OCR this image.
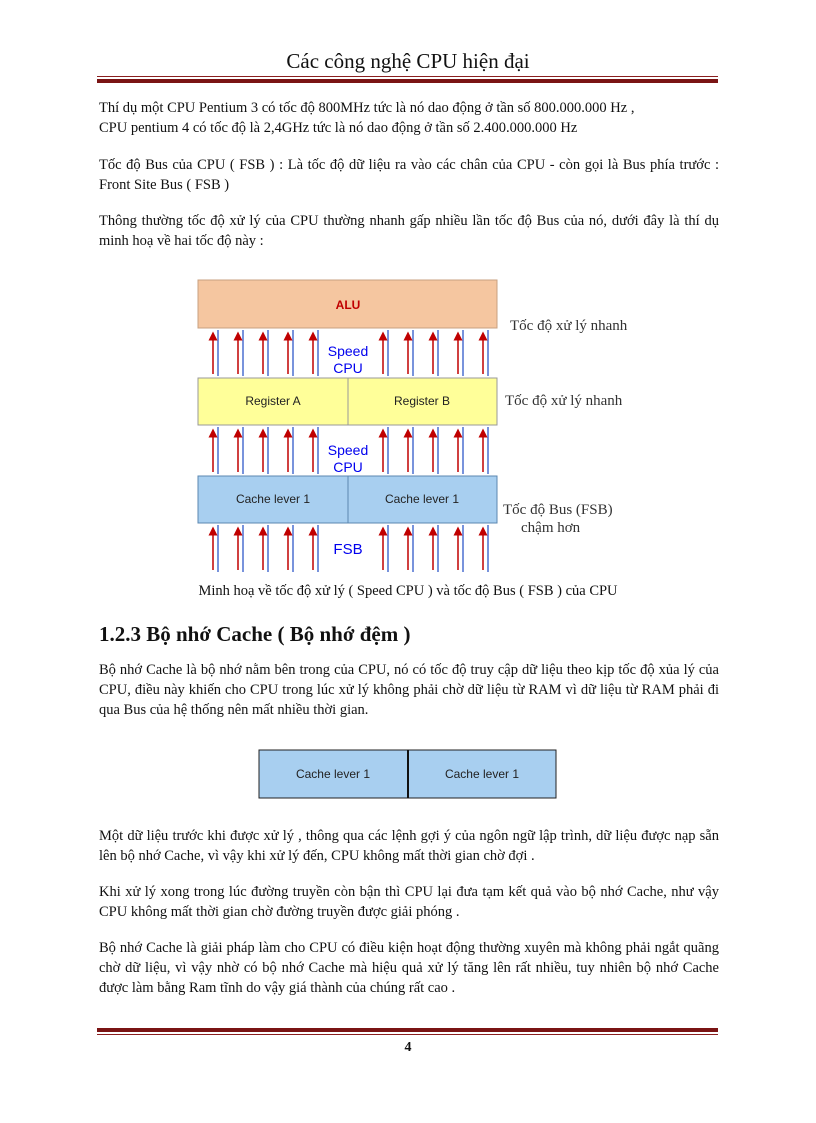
Các công nghệ CPU hiện đại

Thí dụ một CPU Pentium 3 có tốc độ 800MHz tức là nó dao động ở tần số 800.000.000 Hz ,
CPU pentium 4 có tốc độ là 2,4GHz tức là nó dao động ở tần số 2.400.000.000 Hz

Tốc độ Bus của CPU ( FSB ) : Là tốc độ dữ liệu ra vào các chân của CPU - còn gọi là Bus phía trước : Front Site Bus ( FSB )

Thông thường tốc độ xử lý của CPU thường nhanh gấp nhiều lần tốc độ Bus của nó, dưới đây là thí dụ minh hoạ về hai tốc độ này :

ALU
Speed
CPU
Register A	Register B
Speed
CPU
Cache lever 1	Cache lever 1
FSB
Tốc độ xử lý nhanh
Tốc độ xử lý nhanh
Tốc độ Bus (FSB)
chậm hơn
Minh hoạ về tốc độ xử lý ( Speed CPU ) và tốc độ Bus ( FSB ) của CPU
1.2.3 Bộ nhớ Cache ( Bộ nhớ đệm )

Bộ nhớ Cache là bộ nhớ nằm bên trong của CPU, nó có tốc độ truy cập dữ liệu theo kịp tốc độ xủa lý của CPU, điều này khiến cho CPU trong lúc xử lý không phải chờ dữ liệu từ RAM vì dữ liệu từ RAM phải đi qua Bus của hệ thống nên mất nhiều thời gian.

Cache lever 1	Cache lever 1

Một dữ liệu trước khi được xử lý , thông qua các lệnh gợi ý của ngôn ngữ lập trình, dữ liệu được nạp sẵn lên bộ nhớ Cache, vì vậy khi xử lý đến, CPU không mất thời gian chờ đợi .

Khi xử lý xong trong lúc đường truyền còn bận thì CPU lại đưa tạm kết quả vào bộ nhớ Cache, như vậy CPU không mất thời gian chờ đường truyền được giải phóng .

Bộ nhớ Cache là giải pháp làm cho CPU có điều kiện hoạt động thường xuyên mà không phải ngắt quãng chờ dữ liệu, vì vậy nhờ có bộ nhớ Cache mà hiệu quả xử lý tăng lên rất nhiều, tuy nhiên bộ nhớ Cache được làm bằng Ram tĩnh do vậy giá thành của chúng rất cao .

4
